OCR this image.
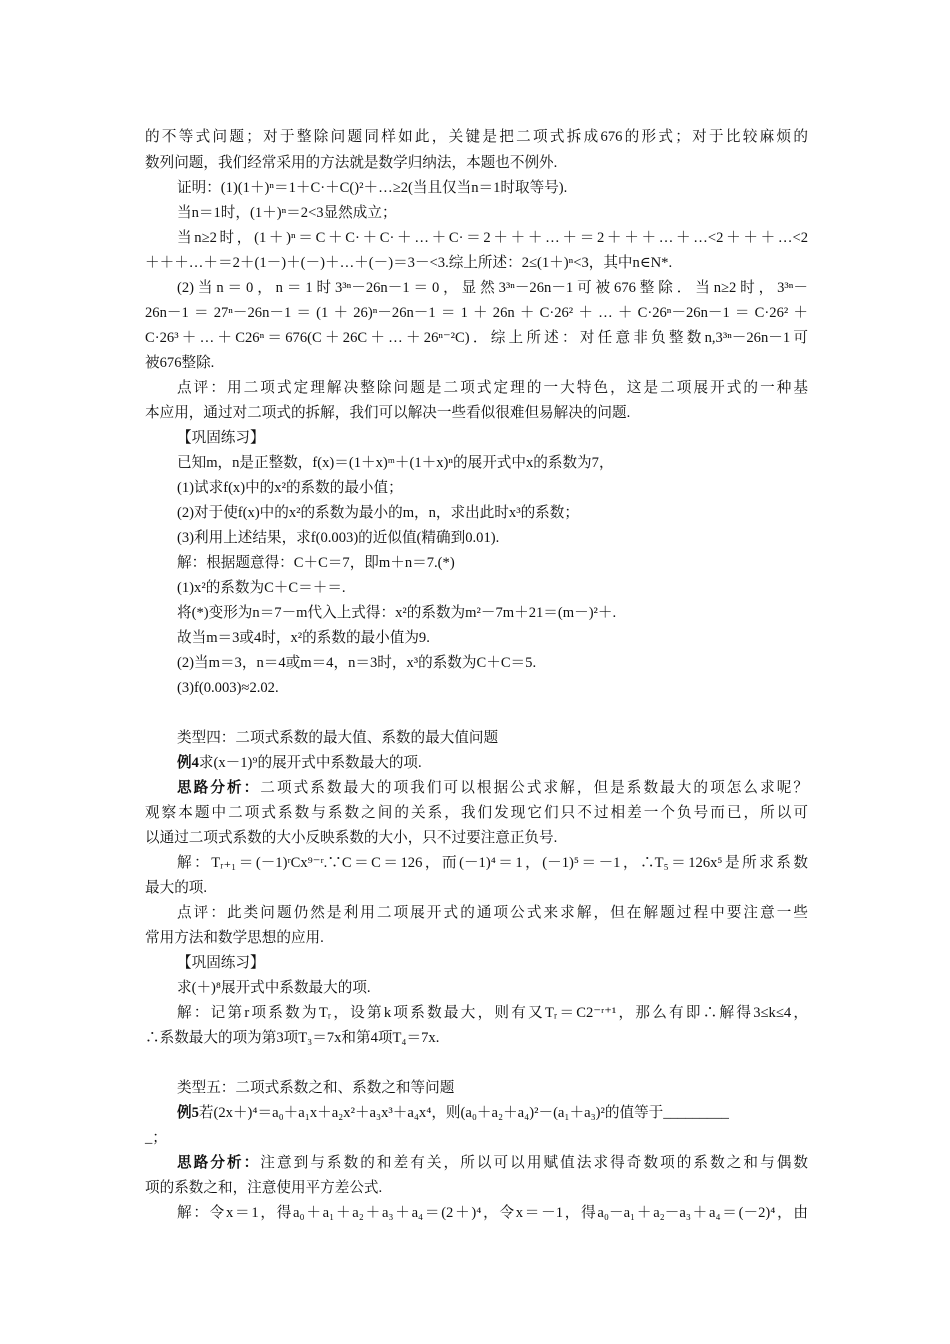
的不等式问题；对于整除问题同样如此，关键是把二项式拆成676的形式；对于比较麻烦的
数列问题，我们经常采用的方法就是数学归纳法，本题也不例外.
证明：(1)(1＋)ⁿ＝1＋C·＋C()²＋…≥2(当且仅当n＝1时取等号).
当n＝1时，(1＋)ⁿ＝2<3显然成立；
当n≥2时，(1＋)ⁿ＝C＋C·＋C·＋…＋C·＝2＋＋＋…＋＝2＋＋＋…＋…<2＋＋＋…<2
＋＋＋…＋＝2＋(1－)＋(－)＋…＋(－)＝3－<3.综上所述：2≤(1＋)ⁿ<3，其中n∈N*.
(2)当n＝0，n＝1时3³ⁿ－26n－1＝0，显然3³ⁿ－26n－1可被676整除．当n≥2时，3³ⁿ－
26n－1＝27ⁿ－26n－1＝(1＋26)ⁿ－26n－1＝1＋26n＋C·26²＋…＋C·26ⁿ－26n－1＝C·26²＋
C·26³＋…＋C26ⁿ＝676(C＋26C＋…＋26ⁿ⁻²C)．综上所述：对任意非负整数n,3³ⁿ－26n－1可
被676整除.
点评：用二项式定理解决整除问题是二项式定理的一大特色，这是二项展开式的一种基
本应用，通过对二项式的拆解，我们可以解决一些看似很难但易解决的问题.
【巩固练习】
已知m，n是正整数，f(x)＝(1＋x)ᵐ＋(1＋x)ⁿ的展开式中x的系数为7，
(1)试求f(x)中的x²的系数的最小值；
(2)对于使f(x)中的x²的系数为最小的m，n，求出此时x³的系数；
(3)利用上述结果，求f(0.003)的近似值(精确到0.01).
解：根据题意得：C＋C＝7，即m＋n＝7.(*)
(1)x²的系数为C＋C＝＋＝.
将(*)变形为n＝7－m代入上式得：x²的系数为m²－7m＋21＝(m－)²＋.
故当m＝3或4时，x²的系数的最小值为9.
(2)当m＝3，n＝4或m＝4，n＝3时，x³的系数为C＋C＝5.
(3)f(0.003)≈2.02.
类型四：二项式系数的最大值、系数的最大值问题
例4求(x－1)⁹的展开式中系数最大的项.
思路分析：二项式系数最大的项我们可以根据公式求解，但是系数最大的项怎么求呢？
观察本题中二项式系数与系数之间的关系，我们发现它们只不过相差一个负号而已，所以可
以通过二项式系数的大小反映系数的大小，只不过要注意正负号.
解：Tᵣ₊₁＝(－1)ʳCx⁹⁻ʳ.∵C＝C＝126，而(－1)⁴＝1，(－1)⁵＝－1，∴T₅＝126x⁵是所求系数
最大的项.
点评：此类问题仍然是利用二项展开式的通项公式来求解，但在解题过程中要注意一些
常用方法和数学思想的应用.
【巩固练习】
求(＋)⁸展开式中系数最大的项.
解：记第r项系数为Tᵣ，设第k项系数最大，则有又Tᵣ＝C2⁻ʳ⁺¹，那么有即∴解得3≤k≤4，
∴系数最大的项为第3项T₃＝7x和第4项T₄＝7x.
类型五：二项式系数之和、系数之和等问题
例5若(2x＋)⁴＝a₀＋a₁x＋a₂x²＋a₃x³＋a₄x⁴，则(a₀＋a₂＋a₄)²－(a₁＋a₃)²的值等于_________
_；
思路分析：注意到与系数的和差有关，所以可以用赋值法求得奇数项的系数之和与偶数
项的系数之和，注意使用平方差公式.
解：令x＝1，得a₀＋a₁＋a₂＋a₃＋a₄＝(2＋)⁴，令x＝－1，得a₀－a₁＋a₂－a₃＋a₄＝(－2)⁴，由
